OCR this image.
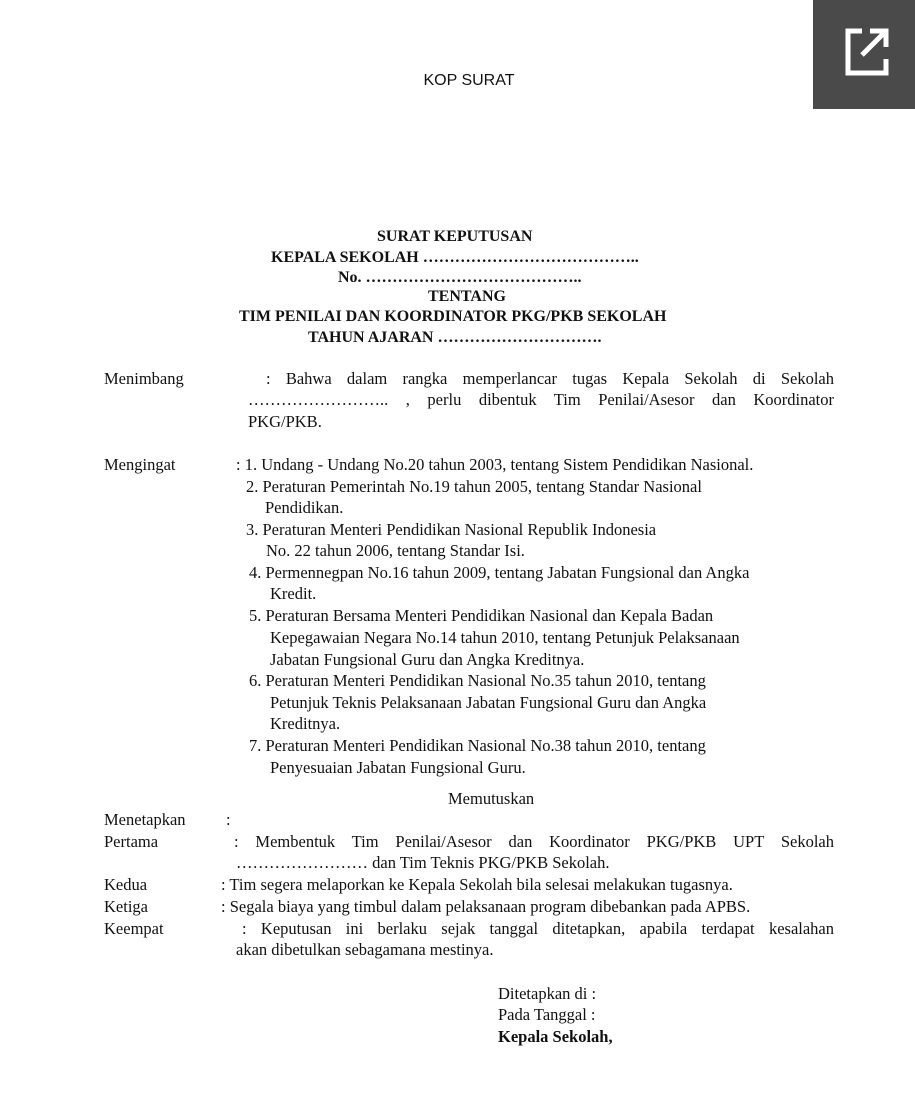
KOP SURAT
SURAT KEPUTUSAN
KEPALA SEKOLAH …………………………………..
No. …………………………………..
TENTANG
TIM PENILAI DAN KOORDINATOR PKG/PKB SEKOLAH
TAHUN AJARAN ………………………….
Menimbang	: Bahwa dalam rangka memperlancar tugas Kepala Sekolah di Sekolah
…………………….. , perlu dibentuk Tim Penilai/Asesor dan Koordinator
PKG/PKB.
Mengingat	: 1. Undang - Undang No.20 tahun 2003, tentang Sistem Pendidikan Nasional.
2. Peraturan Pemerintah No.19 tahun 2005, tentang Standar Nasional
Pendidikan.
3. Peraturan Menteri Pendidikan Nasional Republik Indonesia
No. 22 tahun 2006, tentang Standar Isi.
4. Permennegpan No.16 tahun 2009, tentang Jabatan Fungsional dan Angka
Kredit.
5. Peraturan Bersama Menteri Pendidikan Nasional dan Kepala Badan
Kepegawaian Negara No.14 tahun 2010, tentang Petunjuk Pelaksanaan
Jabatan Fungsional Guru dan Angka Kreditnya.
6. Peraturan Menteri Pendidikan Nasional No.35 tahun 2010, tentang
Petunjuk Teknis Pelaksanaan Jabatan Fungsional Guru dan Angka
Kreditnya.
7. Peraturan Menteri Pendidikan Nasional No.38 tahun 2010, tentang
Penyesuaian Jabatan Fungsional Guru.
Memutuskan
Menetapkan :
Pertama	: Membentuk Tim Penilai/Asesor dan Koordinator PKG/PKB UPT Sekolah
…………………… dan Tim Teknis PKG/PKB Sekolah.
Kedua	: Tim segera melaporkan ke Kepala Sekolah bila selesai melakukan tugasnya.
Ketiga	: Segala biaya yang timbul dalam pelaksanaan program dibebankan pada APBS.
Keempat	: Keputusan ini berlaku sejak tanggal ditetapkan, apabila terdapat kesalahan
akan dibetulkan sebagamana mestinya.
Ditetapkan di :
Pada Tanggal :
Kepala Sekolah,
